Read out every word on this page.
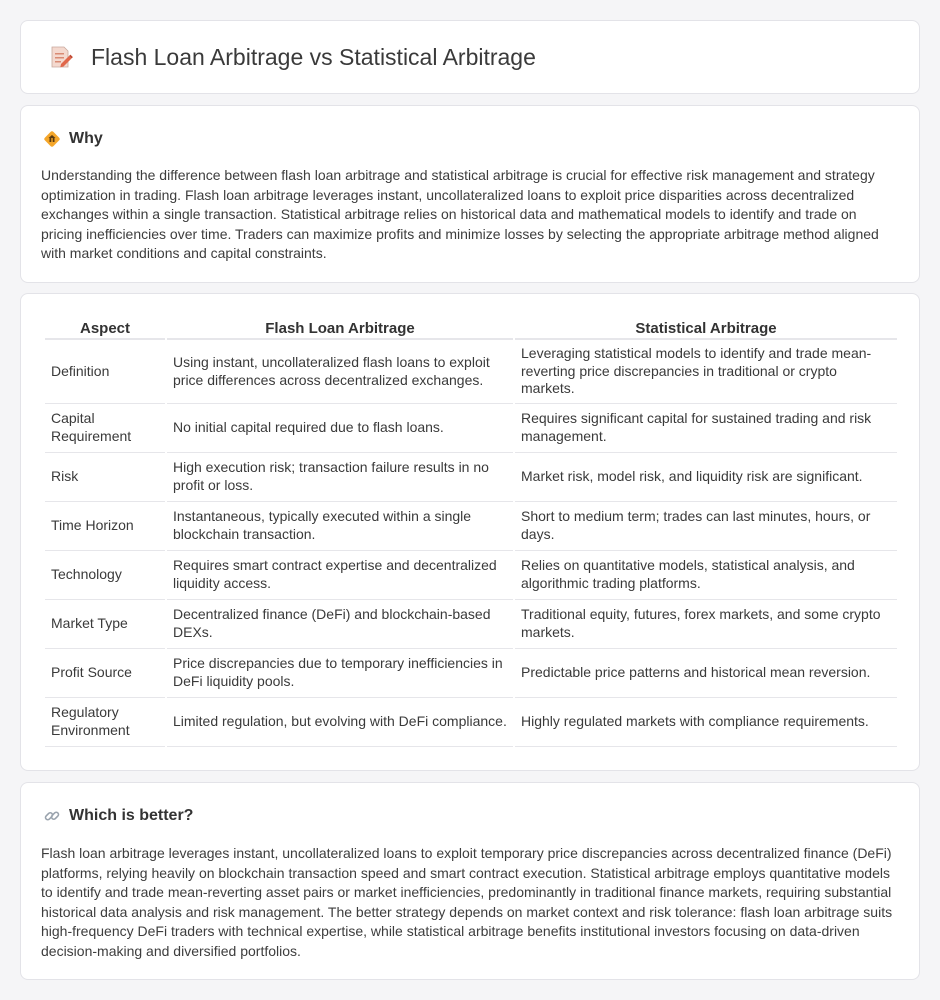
Flash Loan Arbitrage vs Statistical Arbitrage
Why

Understanding the difference between flash loan arbitrage and statistical arbitrage is crucial for effective risk management and strategy optimization in trading. Flash loan arbitrage leverages instant, uncollateralized loans to exploit price disparities across decentralized exchanges within a single transaction. Statistical arbitrage relies on historical data and mathematical models to identify and trade on pricing inefficiencies over time. Traders can maximize profits and minimize losses by selecting the appropriate arbitrage method aligned with market conditions and capital constraints.

Aspect	Flash Loan Arbitrage	Statistical Arbitrage
Definition	Using instant, uncollateralized flash loans to exploit price differences across decentralized exchanges.	Leveraging statistical models to identify and trade mean-reverting price discrepancies in traditional or crypto markets.
Capital Requirement	No initial capital required due to flash loans.	Requires significant capital for sustained trading and risk management.
Risk	High execution risk; transaction failure results in no profit or loss.	Market risk, model risk, and liquidity risk are significant.
Time Horizon	Instantaneous, typically executed within a single blockchain transaction.	Short to medium term; trades can last minutes, hours, or days.
Technology	Requires smart contract expertise and decentralized liquidity access.	Relies on quantitative models, statistical analysis, and algorithmic trading platforms.
Market Type	Decentralized finance (DeFi) and blockchain-based DEXs.	Traditional equity, futures, forex markets, and some crypto markets.
Profit Source	Price discrepancies due to temporary inefficiencies in DeFi liquidity pools.	Predictable price patterns and historical mean reversion.
Regulatory Environment	Limited regulation, but evolving with DeFi compliance.	Highly regulated markets with compliance requirements.
Which is better?

Flash loan arbitrage leverages instant, uncollateralized loans to exploit temporary price discrepancies across decentralized finance (DeFi) platforms, relying heavily on blockchain transaction speed and smart contract execution. Statistical arbitrage employs quantitative models to identify and trade mean-reverting asset pairs or market inefficiencies, predominantly in traditional finance markets, requiring substantial historical data analysis and risk management. The better strategy depends on market context and risk tolerance: flash loan arbitrage suits high-frequency DeFi traders with technical expertise, while statistical arbitrage benefits institutional investors focusing on data-driven decision-making and diversified portfolios.
